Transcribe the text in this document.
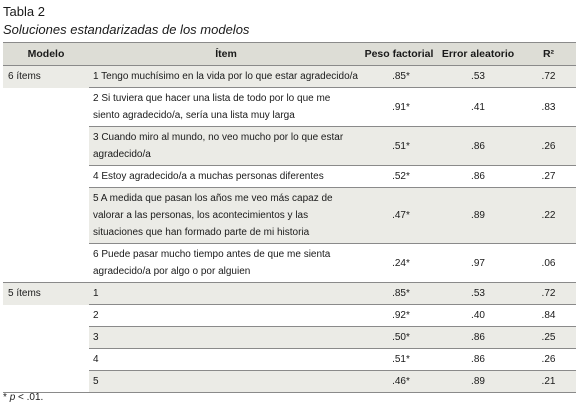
Tabla 2
Soluciones estandarizadas de los modelos
Modelo	Ítem	Peso factorial	Error aleatorio	R²
6 ítems	1 Tengo muchísimo en la vida por lo que estar agradecido/a	.85*	.53	.72
	2 Si tuviera que hacer una lista de todo por lo que me siento agradecido/a, sería una lista muy larga	.91*	.41	.83
	3 Cuando miro al mundo, no veo mucho por lo que estar agradecido/a	.51*	.86	.26
	4 Estoy agradecido/a a muchas personas diferentes	.52*	.86	.27
	5 A medida que pasan los años me veo más capaz de valorar a las personas, los acontecimientos y las situaciones que han formado parte de mi historia	.47*	.89	.22
	6 Puede pasar mucho tiempo antes de que me sienta agradecido/a por algo o por alguien	.24*	.97	.06
5 ítems	1	.85*	.53	.72
	2	.92*	.40	.84
	3	.50*	.86	.25
	4	.51*	.86	.26
	5	.46*	.89	.21
* p < .01.
